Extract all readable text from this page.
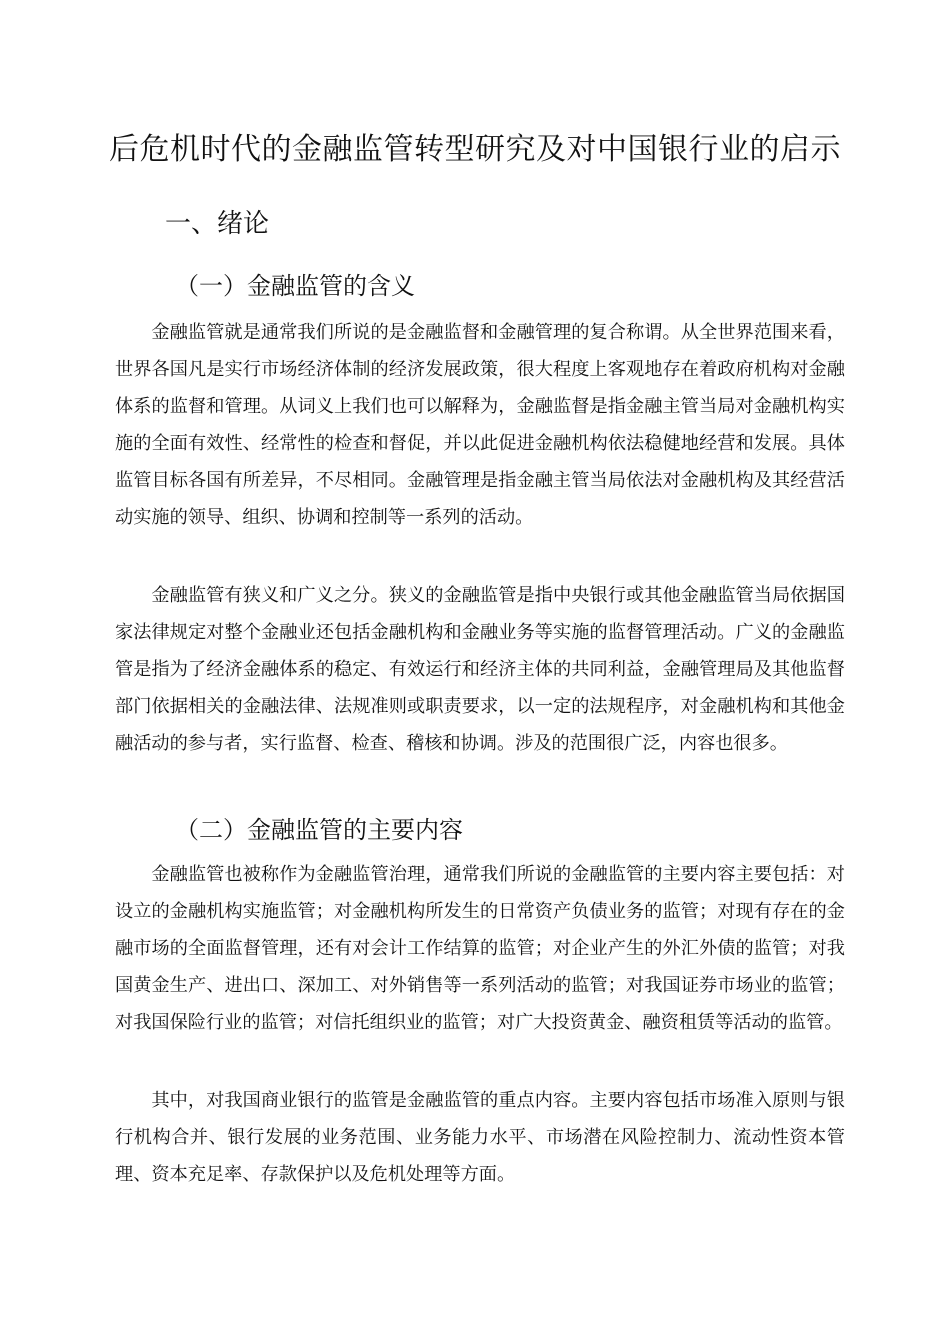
后危机时代的金融监管转型研究及对中国银行业的启示
一、绪论
（一）金融监管的含义

金融监管就是通常我们所说的是金融监督和金融管理的复合称谓。从全世界范围来看，世界各国凡是实行市场经济体制的经济发展政策，很大程度上客观地存在着政府机构对金融体系的监督和管理。从词义上我们也可以解释为，金融监督是指金融主管当局对金融机构实施的全面有效性、经常性的检查和督促，并以此促进金融机构依法稳健地经营和发展。具体监管目标各国有所差异，不尽相同。金融管理是指金融主管当局依法对金融机构及其经营活动实施的领导、组织、协调和控制等一系列的活动。

金融监管有狭义和广义之分。狭义的金融监管是指中央银行或其他金融监管当局依据国家法律规定对整个金融业还包括金融机构和金融业务等实施的监督管理活动。广义的金融监管是指为了经济金融体系的稳定、有效运行和经济主体的共同利益，金融管理局及其他监督部门依据相关的金融法律、法规准则或职责要求，以一定的法规程序，对金融机构和其他金融活动的参与者，实行监督、检查、稽核和协调。涉及的范围很广泛，内容也很多。

（二）金融监管的主要内容

金融监管也被称作为金融监管治理，通常我们所说的金融监管的主要内容主要包括：对设立的金融机构实施监管；对金融机构所发生的日常资产负债业务的监管；对现有存在的金融市场的全面监督管理，还有对会计工作结算的监管；对企业产生的外汇外债的监管；对我国黄金生产、进出口、深加工、对外销售等一系列活动的监管；对我国证券市场业的监管；对我国保险行业的监管；对信托组织业的监管；对广大投资黄金、融资租赁等活动的监管。

其中，对我国商业银行的监管是金融监管的重点内容。主要内容包括市场准入原则与银行机构合并、银行发展的业务范围、业务能力水平、市场潜在风险控制力、流动性资本管理、资本充足率、存款保护以及危机处理等方面。
